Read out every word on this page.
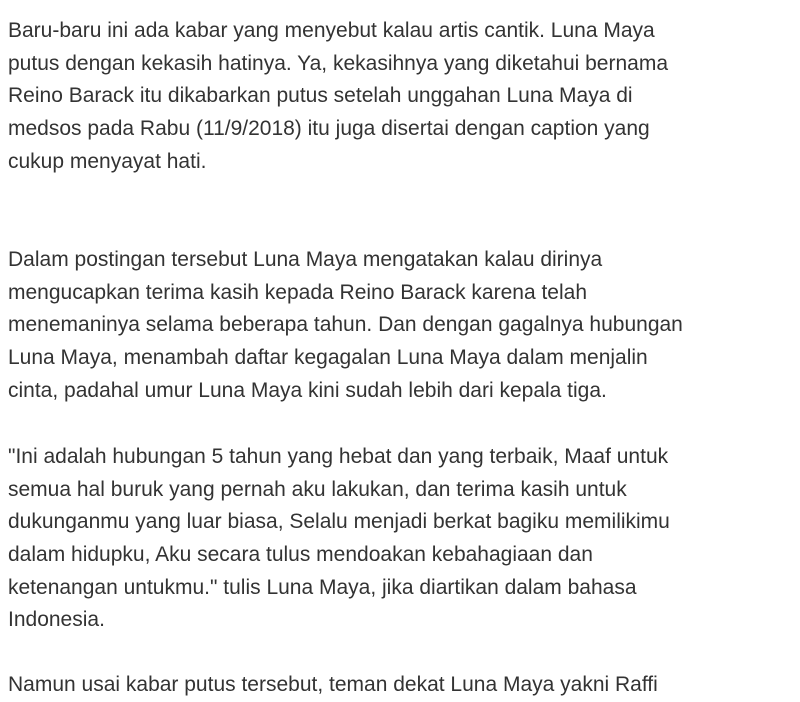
Baru-baru ini ada kabar yang menyebut kalau artis cantik. Luna Maya
putus dengan kekasih hatinya. Ya, kekasihnya yang diketahui bernama
Reino Barack itu dikabarkan putus setelah unggahan Luna Maya di
medsos pada Rabu (11/9/2018) itu juga disertai dengan caption yang
cukup menyayat hati.
Dalam postingan tersebut Luna Maya mengatakan kalau dirinya
mengucapkan terima kasih kepada Reino Barack karena telah
menemaninya selama beberapa tahun. Dan dengan gagalnya hubungan
Luna Maya, menambah daftar kegagalan Luna Maya dalam menjalin
cinta, padahal umur Luna Maya kini sudah lebih dari kepala tiga.
"Ini adalah hubungan 5 tahun yang hebat dan yang terbaik, Maaf untuk
semua hal buruk yang pernah aku lakukan, dan terima kasih untuk
dukunganmu yang luar biasa, Selalu menjadi berkat bagiku memilikimu
dalam hidupku, Aku secara tulus mendoakan kebahagiaan dan
ketenangan untukmu." tulis Luna Maya, jika diartikan dalam bahasa
Indonesia.
Namun usai kabar putus tersebut, teman dekat Luna Maya yakni Raffi
